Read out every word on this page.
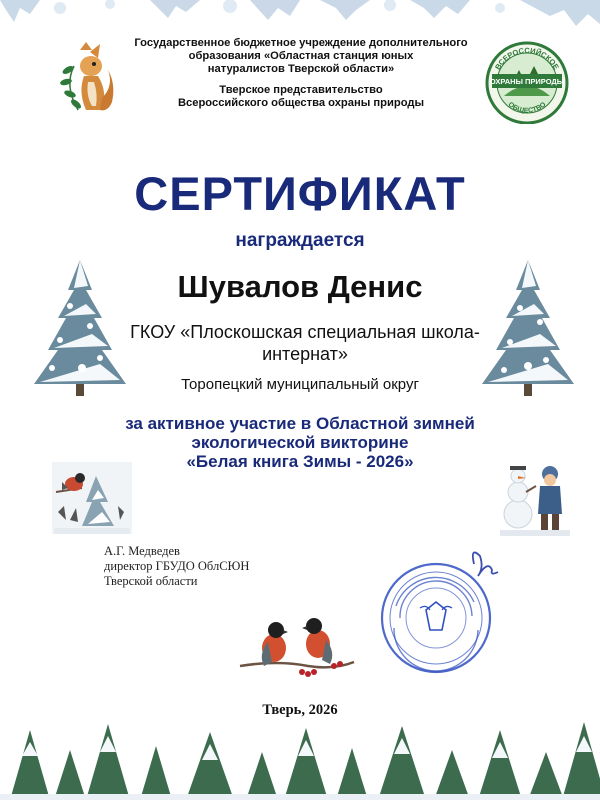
Государственное бюджетное учреждение дополнительного
образования «Областная станция юных
натуралистов Тверской области»
Тверское представительство
Всероссийского общества охраны природы
ВСЕРОССИЙСКОЕ
ОХРАНЫ ПРИРОДЫ
ОБЩЕСТВО
СЕРТИФИКАТ
награждается
Шувалов Денис
ГКОУ «Плоскошская специальная школа-
интернат»
Торопецкий муниципальный округ
за активное участие в Областной зимней
экологической викторине
«Белая книга Зимы - 2026»
А.Г. Медведев
директор ГБУДО ОблСЮН
Тверской области
Тверь, 2026
